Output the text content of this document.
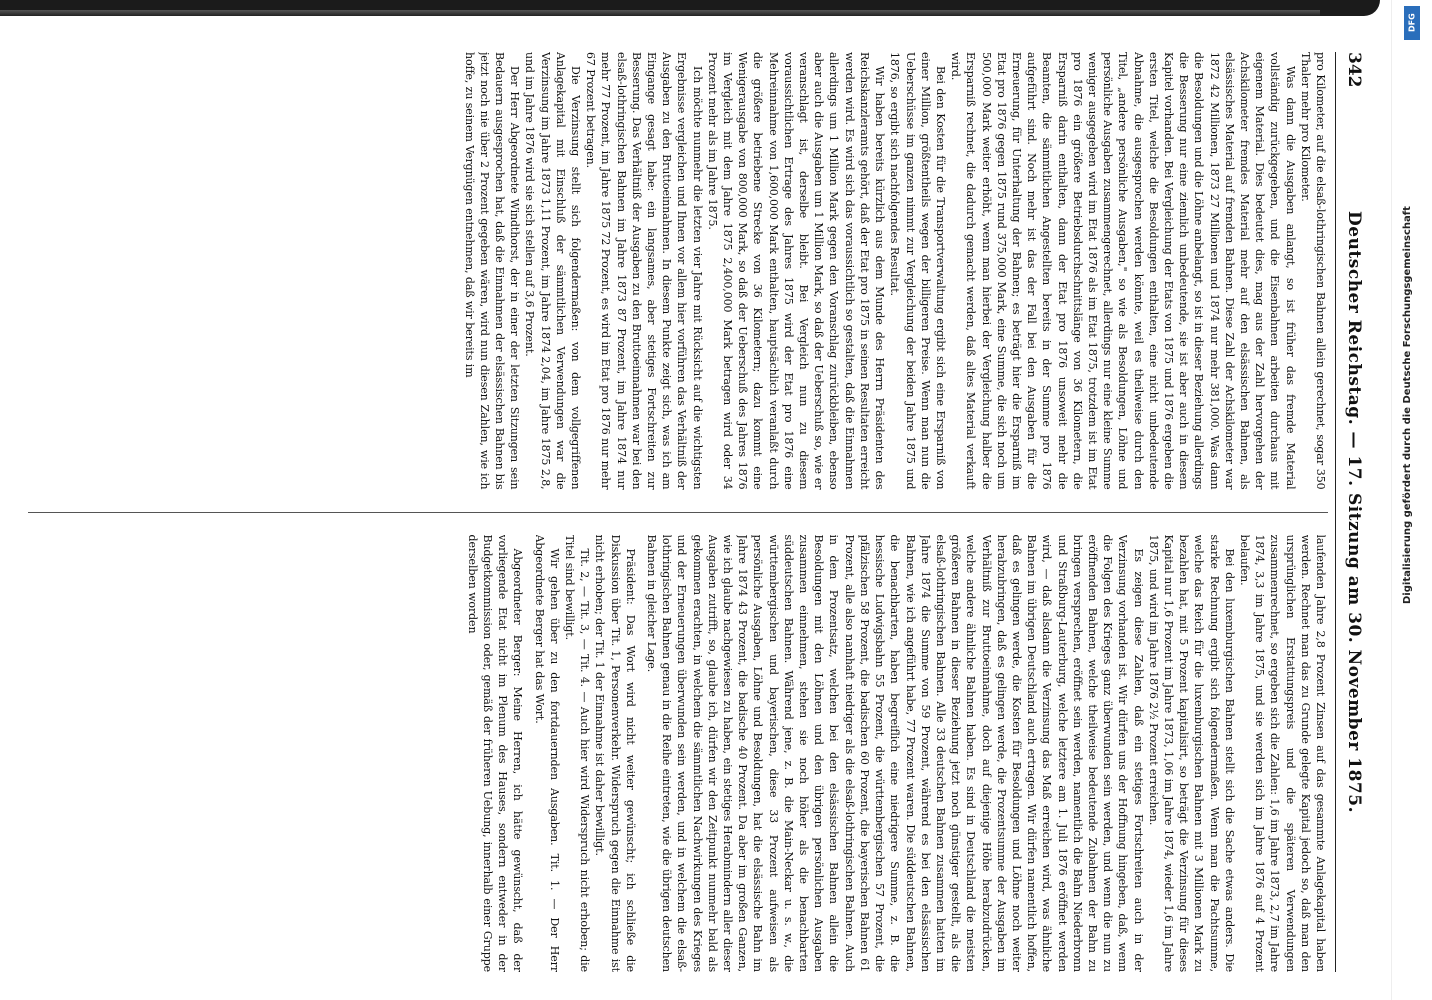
DFG
Digitalisierung gefördert durch die Deutsche Forschungsgemeinschaft
342
Deutscher Reichstag. — 17. Sitzung am 30. November 1875.

pro Kilometer, auf die elsaß-lothringischen Bahnen allein gerechnet, sogar 350 Thaler mehr pro Kilometer.

Was dann die Ausgaben anlangt, so ist früher das fremde Material vollständig zurückgegeben, und die Eisenbahnen arbeiten durchaus mit eigenem Material. Dies bedeutet dies, mag aus der Zahl hervorgehen der Achskilometer fremdes Material mehr auf den elsässischen Bahnen, als elsässisches Material auf fremden Bahnen. Diese Zahl der Achskilometer war 1872 42 Millionen, 1873 27 Millionen und 1874 nur mehr 381,000. Was dann die Besoldungen und die Löhne anbelangt, so ist in dieser Beziehung allerdings die Besserung nur eine ziemlich unbedeutende, sie ist aber auch in diesem Kapitel vorhanden. Bei Vergleichung der Etats von 1875 und 1876 ergeben die ersten Titel, welche die Besoldungen enthalten, eine nicht unbedeutende Abnahme, die ausgesprochen werden könnte, weil es theilweise durch den Titel, „andere persönliche Ausgaben," so wie als Besoldungen, Löhne und persönliche Ausgaben zusammengerechnet, allerdings nur eine kleine Summe weniger ausgegeben wird im Etat 1876 als im Etat 1875, trotzdem ist im Etat pro 1876 ein größere Betriebsdurchschnittslänge von 36 Kilometern, die Ersparniß darin enthalten, dann der Etat pro 1876 unsoweit mehr die Beamten, die sämmtlichen Angestellten bereits in der Summe pro 1876 aufgeführt sind. Noch mehr ist das der Fall bei den Ausgaben für die Erneuerung, für Unterhaltung der Bahnen; es beträgt hier die Ersparniß im Etat pro 1876 gegen 1875 rund 375,000 Mark, eine Summe, die sich noch um 500,000 Mark weiter erhöht, wenn man hierbei der Vergleichung halber die Ersparniß rechnet, die dadurch gemacht werden, daß altes Material verkauft wird.

Bei den Kosten für die Transportverwaltung ergibt sich eine Ersparniß von einer Million, größtentheils wegen der billigeren Preise. Wenn man nun die Ueberschüsse im ganzen nimmt zur Vergleichung der beiden Jahre 1875 und 1876, so ergibt sich nachfolgendes Resultat.

Wir haben bereits kürzlich aus dem Munde des Herrn Präsidenten des Reichskanzleramts gehört, daß der Etat pro 1875 in seinen Resultaten erreicht werden wird. Es wird sich das voraussichtlich so gestalten, daß die Einnahmen allerdings um 1 Million Mark gegen den Voranschlag zurückbleiben, ebenso aber auch die Ausgaben um 1 Million Mark, so daß der Ueberschuß so, wie er veranschlagt ist, derselbe bleibt. Bei Vergleich nun zu diesem voraussichtlichen Ertrage des Jahres 1875 wird der Etat pro 1876 eine Mehreinnahme von 1,600,000 Mark enthalten, hauptsächlich veranlaßt durch die größere betriebene Strecke von 36 Kilometern; dazu kommt eine Wenigerausgabe von 800,000 Mark, so daß der Ueberschuß des Jahres 1876 im Vergleich mit dem Jahre 1875 2,400,000 Mark betragen wird oder 34 Prozent mehr als im Jahre 1875.

Ich möchte nunmehr die letzten vier Jahre mit Rücksicht auf die wichtigsten Ergebnisse vergleichen und Ihnen vor allem hier vorführen das Verhältniß der Ausgaben zu den Bruttoeinnahmen. In diesem Punkte zeigt sich, was ich am Eingange gesagt habe: ein langsames, aber stetiges Fortschreiten zur Besserung. Das Verhältniß der Ausgaben zu den Bruttoeinnahmen war bei den elsaß-lothringischen Bahnen im Jahre 1873 87 Prozent, im Jahre 1874 nur mehr 77 Prozent, im Jahre 1875 72 Prozent, es wird im Etat pro 1876 nur mehr 67 Prozent betragen.

Die Verzinsung stellt sich folgendermaßen: von dem vollgegriffenen Anlagekapital mit Einschluß der sämmtlichen Verwendungen war die Verzinsung im Jahre 1873 1,11 Prozent, im Jahre 1874 2,04, im Jahre 1875 2,8, und im Jahre 1876 wird sie sich stellen auf 3,6 Prozent.

Der Herr Abgeordnete Windthorst, der in einer der letzten Sitzungen sein Bedauern ausgesprochen hat, daß die Einnahmen der elsässischen Bahnen bis jetzt noch nie über 2 Prozent gegeben wären, wird nun diesen Zahlen, wie ich hoffe, zu seinem Vergnügen entnehmen, daß wir bereits im

laufenden Jahre 2,8 Prozent Zinsen auf das gesammte Anlagekapital haben werden. Rechnet man das zu Grunde gelegte Kapital jedoch so, daß man den ursprünglichen Erstattungspreis und die späteren Verwendungen zusammenrechnet, so ergeben sich die Zahlen: 1,6 im Jahre 1873, 2,7 im Jahre 1874, 3,3 im Jahre 1875, und sie werden sich im Jahre 1876 auf 4 Prozent belaufen.

Bei den luxemburgischen Bahnen stellt sich die Sache etwas anders. Die starke Rechnung ergibt sich folgendermaßen. Wenn man die Pachtsumme, welche das Reich für die luxemburgischen Bahnen mit 3 Millionen Mark zu bezahlen hat, mit 5 Prozent kapitalisirt, so beträgt die Verzinsung für dieses Kapital nur 1,6 Prozent im Jahre 1873, 1,06 im Jahre 1874, wieder 1,6 im Jahre 1875, und wird im Jahre 1876 2½ Prozent erreichen.

Es zeigen diese Zahlen, daß ein stetiges Fortschreiten auch in der Verzinsung vorhanden ist. Wir dürfen uns der Hoffnung hingeben, daß, wenn die Folgen des Krieges ganz überwunden sein werden, und wenn die nun zu eröffnenden Bahnen, welche theilweise bedeutende Zubahnen der Bahn zu bringen versprechen, eröffnet sein werden, namentlich die Bahn Niederbronn und Straßburg-Lauterburg, welche letztere am 1. Juli 1876 eröffnet werden wird, — daß alsdann die Verzinsung das Maß erreichen wird, was ähnliche Bahnen im übrigen Deutschland auch ertragen. Wir dürfen namentlich hoffen, daß es gelingen werde, die Kosten für Besoldungen und Löhne noch weiter herabzubringen, daß es gelingen werde, die Prozentsumme der Ausgaben im Verhältniß zur Bruttoeinnahme, doch auf diejenige Höhe herabzudrücken, welche andere ähnliche Bahnen haben. Es sind in Deutschland die meisten größeren Bahnen in dieser Beziehung jetzt noch günstiger gestellt, als die elsaß-lothringischen Bahnen. Alle 33 deutschen Bahnen zusammen hatten im Jahre 1874 die Summe von 59 Prozent, während es bei den elsässischen Bahnen, wie ich angeführt habe, 77 Prozent waren. Die süddeutschen Bahnen, die benachbarten, haben begreiflich eine niedrigere Summe, z. B. die hessische Ludwigsbahn 55 Prozent, die württembergischen 57 Prozent, die pfälzischen 58 Prozent, die badischen 60 Prozent, die bayerischen Bahnen 61 Prozent, alle also namhaft niedriger als die elsaß-lothringischen Bahnen. Auch in dem Prozentsatz, welchen bei den elsässischen Bahnen allein die Besoldungen mit den Löhnen und den übrigen persönlichen Ausgaben zusammen einnehmen, stehen sie noch höher als die benachbarten süddeutschen Bahnen. Während jene, z. B. die Main-Neckar u. s. w., die württembergischen und bayerischen, diese 33 Prozent aufweisen als persönliche Ausgaben, Löhne und Besoldungen, hat die elsässische Bahn im Jahre 1874 43 Prozent, die badische 40 Prozent. Da aber im großen Ganzen, wie ich glaube nachgewiesen zu haben, ein stetiges Herabmindern aller dieser Ausgaben zutrifft, so, glaube ich, dürfen wir den Zeitpunkt nunmehr bald als gekommen erachten, in welchem die sämmtlichen Nachwirkungen des Krieges und der Erneuerungen überwunden sein werden, und in welchem die elsaß-lothringischen Bahnen genau in die Reihe eintreten, wie die übrigen deutschen Bahnen in gleicher Lage.

Präsident: Das Wort wird nicht weiter gewünscht; ich schließe die Diskussion über Tit. 1, Personenverkehr. Widerspruch gegen die Einnahme ist nicht erhoben; der Tit. 1 der Einnahme ist daher bewilligt.

Tit. 2, — Tit. 3, — Tit. 4. — Auch hier wird Widerspruch nicht erhoben; die Titel sind bewilligt.

Wir gehen über zu den fortdauernden Ausgaben. Tit. 1. — Der Herr Abgeordnete Berger hat das Wort.

Abgeordneter Berger: Meine Herren, ich hätte gewünscht, daß der vorliegende Etat nicht im Plenum des Hauses, sondern entweder in der Budgetkommission oder, gemäß der früheren Uebung, innerhalb einer Gruppe derselben worden
